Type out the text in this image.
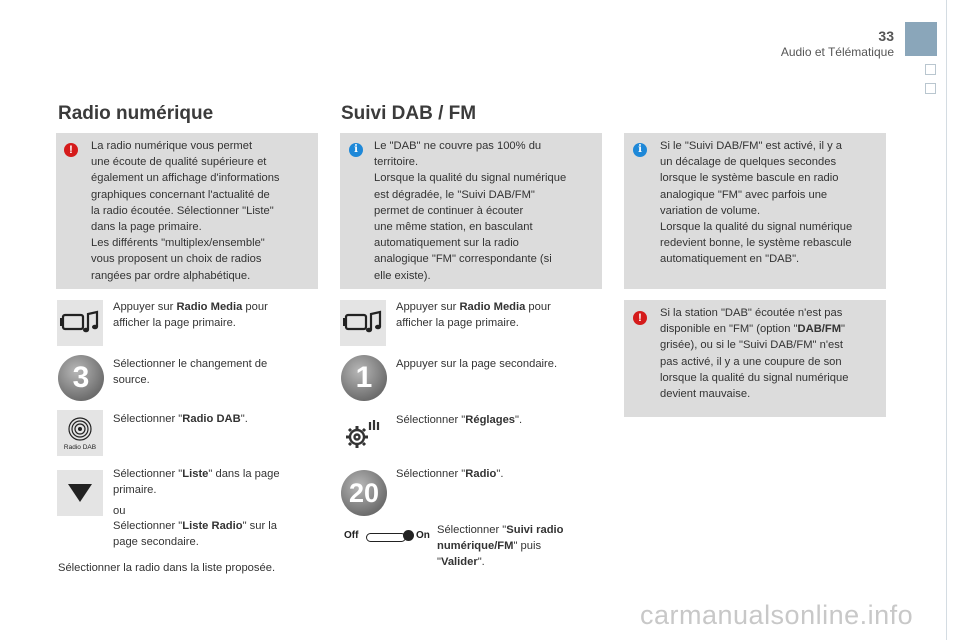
33
Audio et Télématique
Radio numérique
!	La radio numérique vous permet
une écoute de qualité supérieure et
également un affichage d'informations
graphiques concernant l'actualité de
la radio écoutée. Sélectionner "Liste"
dans la page primaire.
Les différents "multiplex/ensemble"
vous proposent un choix de radios
rangées par ordre alphabétique.
3
Radio DAB
Appuyer sur Radio Media pour
afficher la page primaire.
Sélectionner le changement de
source.
Sélectionner "Radio DAB".
Sélectionner "Liste" dans la page
primaire.
ou
Sélectionner "Liste Radio" sur la
page secondaire.
Sélectionner la radio dans la liste proposée.
Suivi DAB / FM
i	Le "DAB" ne couvre pas 100% du
territoire.
Lorsque la qualité du signal numérique
est dégradée, le "Suivi DAB/FM"
permet de continuer à écouter
une même station, en basculant
automatiquement sur la radio
analogique "FM" correspondante (si
elle existe).
1
20
Off	On
Appuyer sur Radio Media pour
afficher la page primaire.
Appuyer sur la page secondaire.
Sélectionner "Réglages".
Sélectionner "Radio".
Sélectionner "Suivi radio
numérique/FM" puis
"Valider".
i	Si le "Suivi DAB/FM" est activé, il y a
un décalage de quelques secondes
lorsque le système bascule en radio
analogique "FM" avec parfois une
variation de volume.
Lorsque la qualité du signal numérique
redevient bonne, le système rebascule
automatiquement en "DAB".
!	Si la station "DAB" écoutée n'est pas
disponible en "FM" (option "DAB/FM"
grisée), ou si le "Suivi DAB/FM" n'est
pas activé, il y a une coupure de son
lorsque la qualité du signal numérique
devient mauvaise.
carmanualsonline.info
